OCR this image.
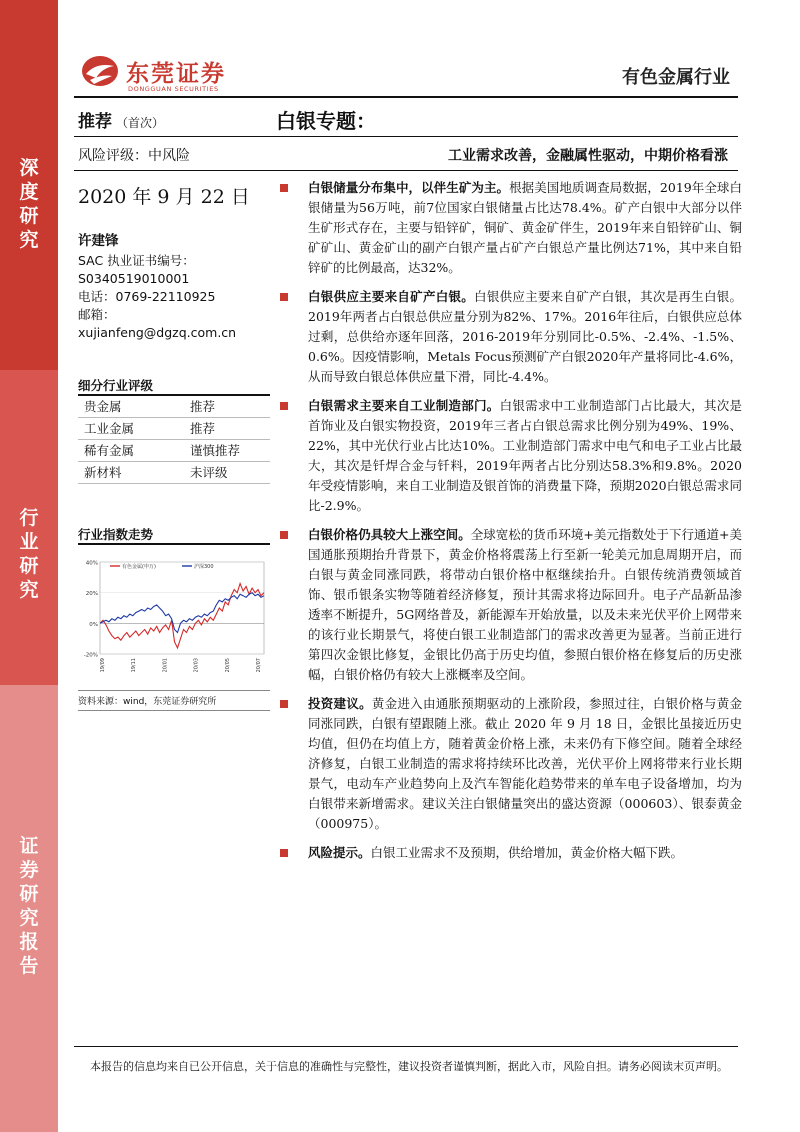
深
度
研
究
行
业
研
究
证
券
研
究
报
告
东莞证券
DONGGUAN SECURITIES
有色金属行业
推荐 （首次）	白银专题：
风险评级：中风险	工业需求改善，金融属性驱动，中期价格看涨
2020 年 9 月 22 日
许建锋
SAC 执业证书编号：
S0340519010001
电话：0769-22110925
邮箱：xujianfeng@dgzq.com.cn
细分行业评级
贵金属	推荐
工业金属	推荐
稀有金属	谨慎推荐
新材料	未评级
行业指数走势
40%
20%
0%
-20%
19/09	19/11	20/01	20/03	20/05	20/07
有色金属(申万)	沪深300
资料来源：wind，东莞证券研究所
白银储量分布集中，以伴生矿为主。根据美国地质调查局数据，2019年全球白银储量为56万吨，前7位国家白银储量占比达78.4%。矿产白银中大部分以伴生矿形式存在，主要与铅锌矿，铜矿、黄金矿伴生，2019年来自铅锌矿山、铜矿矿山、黄金矿山的副产白银产量占矿产白银总产量比例达71%，其中来自铅锌矿的比例最高，达32%。
白银供应主要来自矿产白银。白银供应主要来自矿产白银，其次是再生白银。2019年两者占白银总供应量分别为82%、17%。2016年往后，白银供应总体过剩，总供给亦逐年回落，2016-2019年分别同比-0.5%、-2.4%、-1.5%、0.6%。因疫情影响，Metals Focus预测矿产白银2020年产量将同比-4.6%，从而导致白银总体供应量下滑，同比-4.4%。
白银需求主要来自工业制造部门。白银需求中工业制造部门占比最大，其次是首饰业及白银实物投资，2019年三者占白银总需求比例分别为49%、19%、22%，其中光伏行业占比达10%。工业制造部门需求中电气和电子工业占比最大，其次是钎焊合金与钎料，2019年两者占比分别达58.3%和9.8%。2020年受疫情影响，来自工业制造及银首饰的消费量下降，预期2020白银总需求同比-2.9%。
白银价格仍具较大上涨空间。全球宽松的货币环境+美元指数处于下行通道+美国通胀预期抬升背景下，黄金价格将震荡上行至新一轮美元加息周期开启，而白银与黄金同涨同跌，将带动白银价格中枢继续抬升。白银传统消费领域首饰、银币银条实物等随着经济修复，预计其需求将边际回升。电子产品新品渗透率不断提升，5G网络普及，新能源车开始放量，以及未来光伏平价上网带来的该行业长期景气，将使白银工业制造部门的需求改善更为显著。当前正进行第四次金银比修复，金银比仍高于历史均值，参照白银价格在修复后的历史涨幅，白银价格仍有较大上涨概率及空间。
投资建议。黄金进入由通胀预期驱动的上涨阶段，参照过往，白银价格与黄金同涨同跌，白银有望跟随上涨。截止 2020 年 9 月 18 日，金银比虽接近历史均值，但仍在均值上方，随着黄金价格上涨，未来仍有下修空间。随着全球经济修复，白银工业制造的需求将持续环比改善，光伏平价上网将带来行业长期景气，电动车产业趋势向上及汽车智能化趋势带来的单车电子设备增加，均为白银带来新增需求。建议关注白银储量突出的盛达资源（000603）、银泰黄金（000975）。
风险提示。白银工业需求不及预期，供给增加，黄金价格大幅下跌。
本报告的信息均来自已公开信息，关于信息的准确性与完整性，建议投资者谨慎判断，据此入市，风险自担。请务必阅读末页声明。
